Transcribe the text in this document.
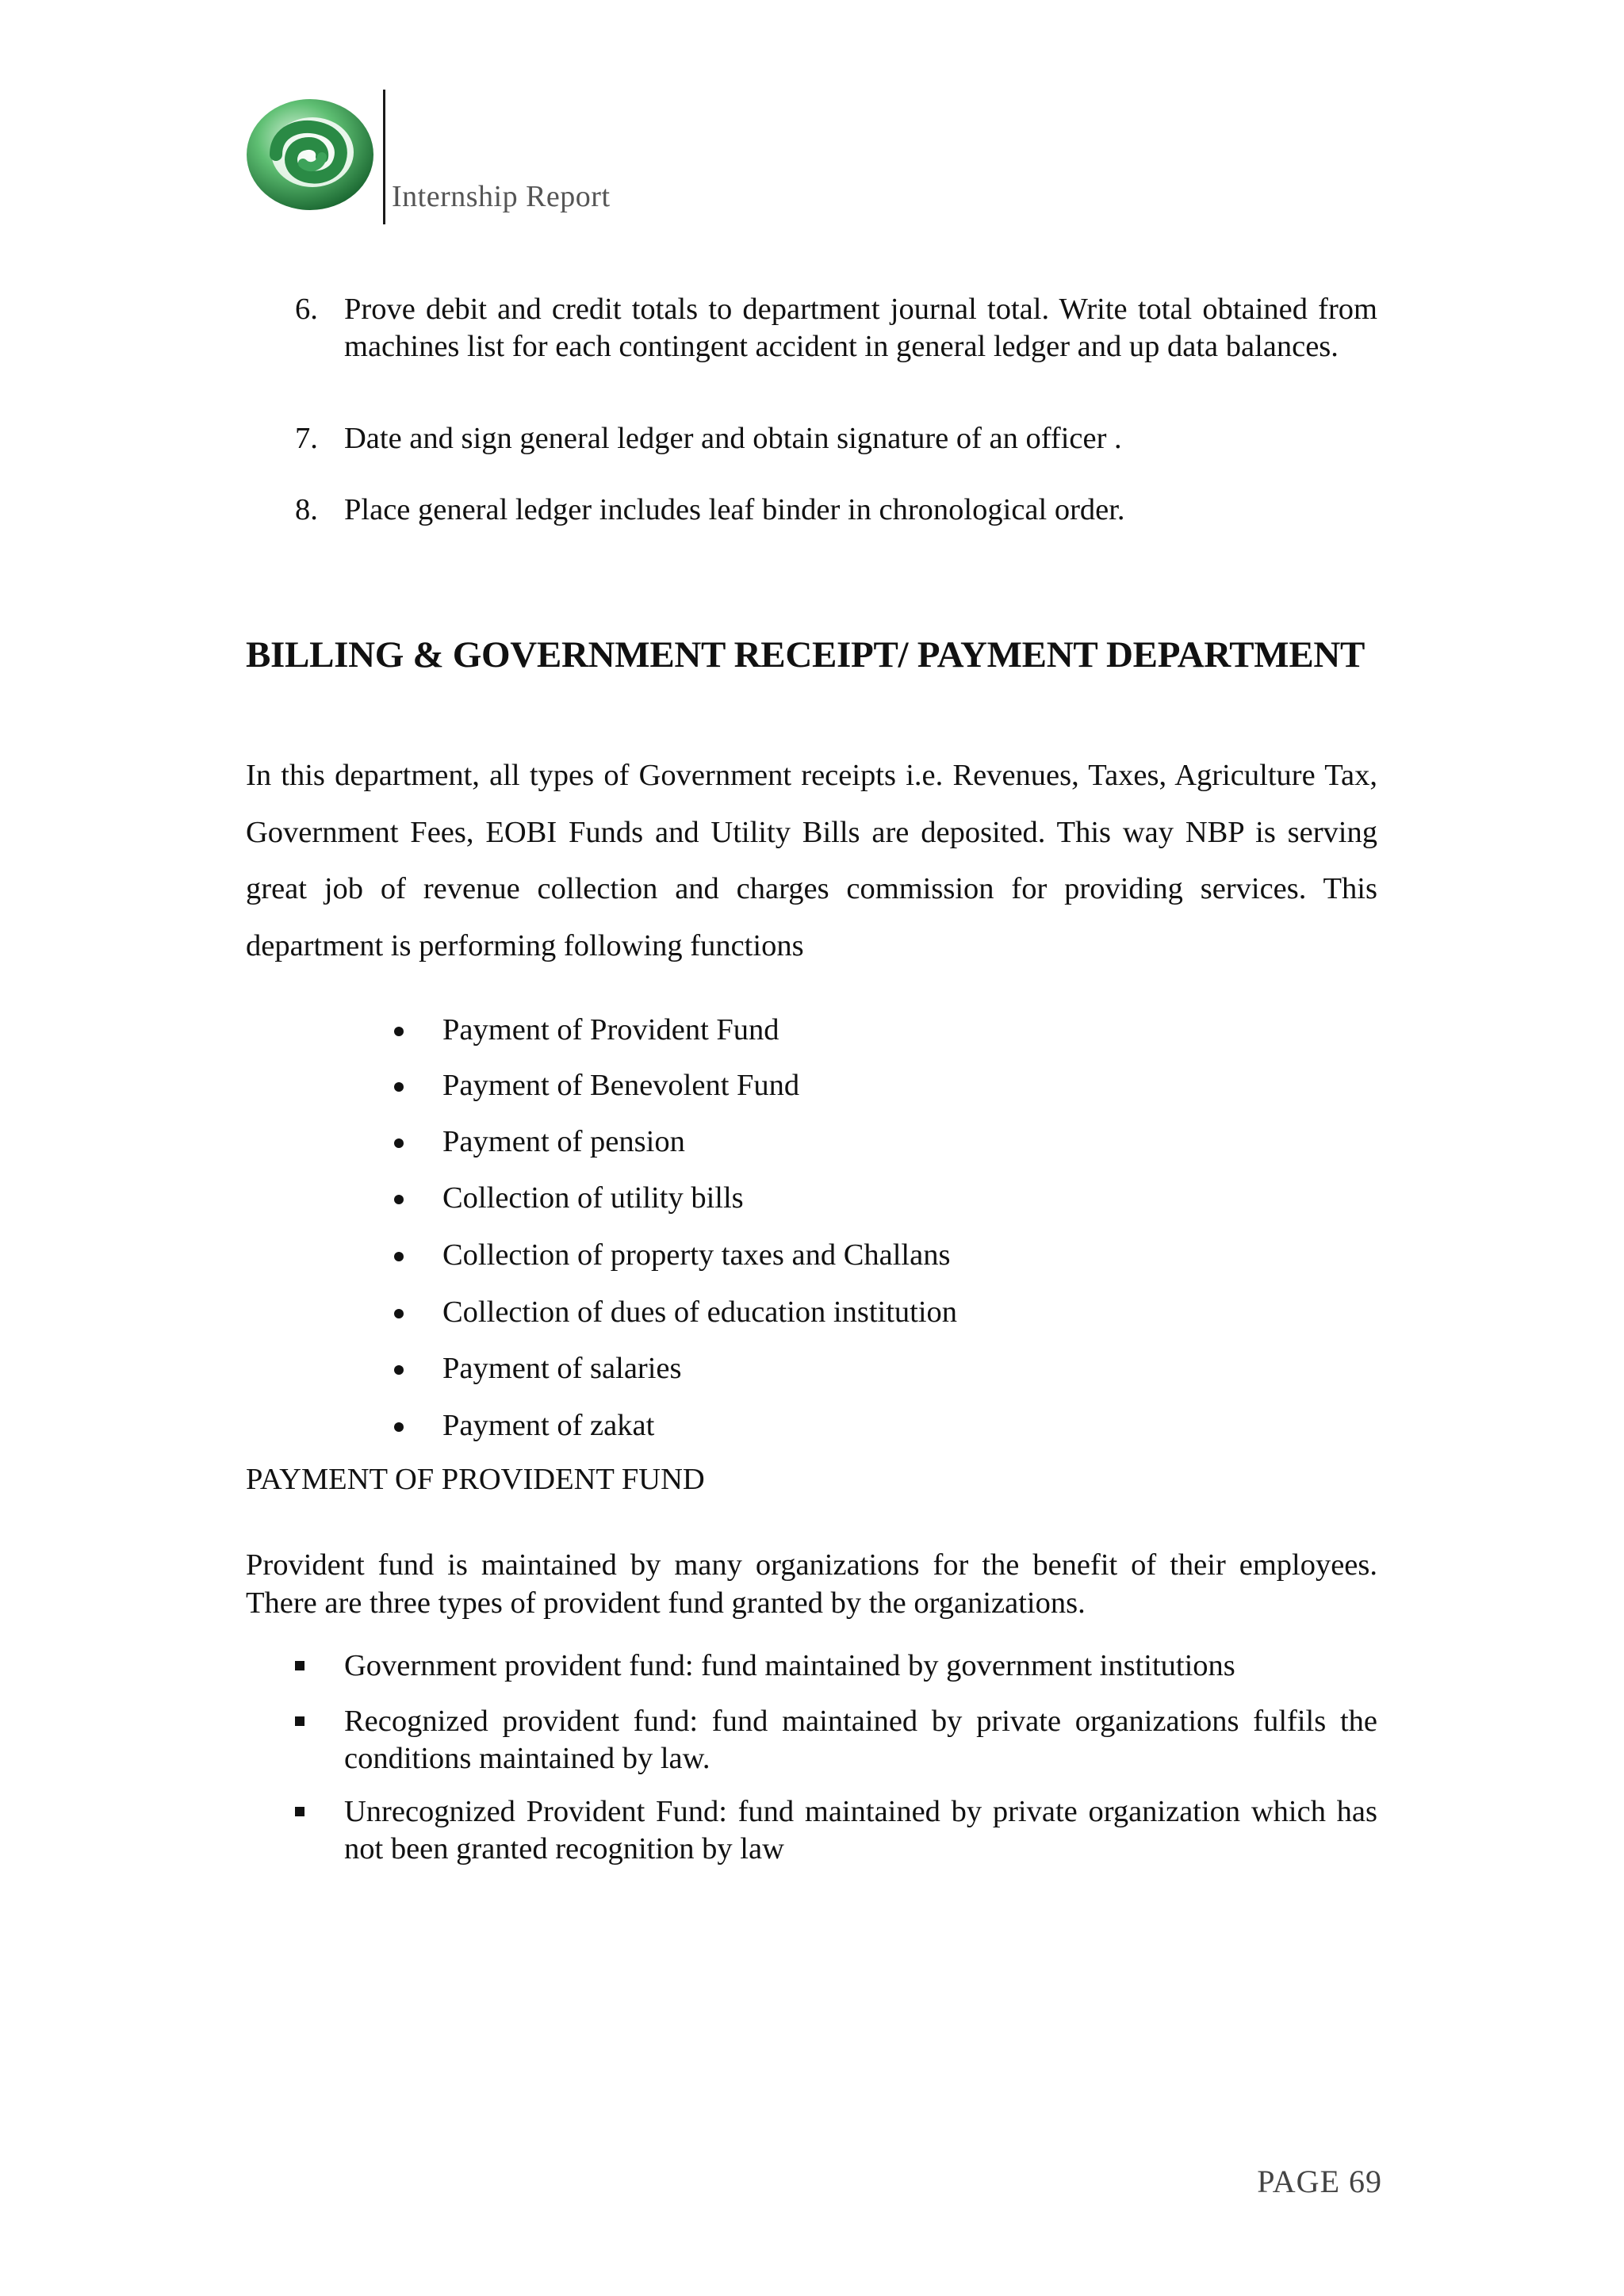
Internship Report
6. Prove debit and credit totals to department journal total. Write total obtained from machines list for each contingent accident in general ledger and up data balances.
7. Date and sign general ledger and obtain signature of an officer .
8. Place general ledger includes leaf binder in chronological order.
BILLING & GOVERNMENT RECEIPT/ PAYMENT DEPARTMENT

In this department, all types of Government receipts i.e. Revenues, Taxes, Agriculture Tax, Government Fees, EOBI Funds and Utility Bills are deposited. This way NBP is serving great job of revenue collection and charges commission for providing services. This department is performing following functions

Payment of Provident Fund
Payment of Benevolent Fund
Payment of pension
Collection of utility bills
Collection of property taxes and Challans
Collection of dues of education institution
Payment of salaries
Payment of zakat
PAYMENT OF PROVIDENT FUND

Provident fund is maintained by many organizations for the benefit of their employees. There are three types of provident fund granted by the organizations.

Government provident fund: fund maintained by government institutions
Recognized provident fund: fund maintained by private organizations fulfils the conditions maintained by law.
Unrecognized Provident Fund: fund maintained by private organization which has not been granted recognition by law
PAGE 69
